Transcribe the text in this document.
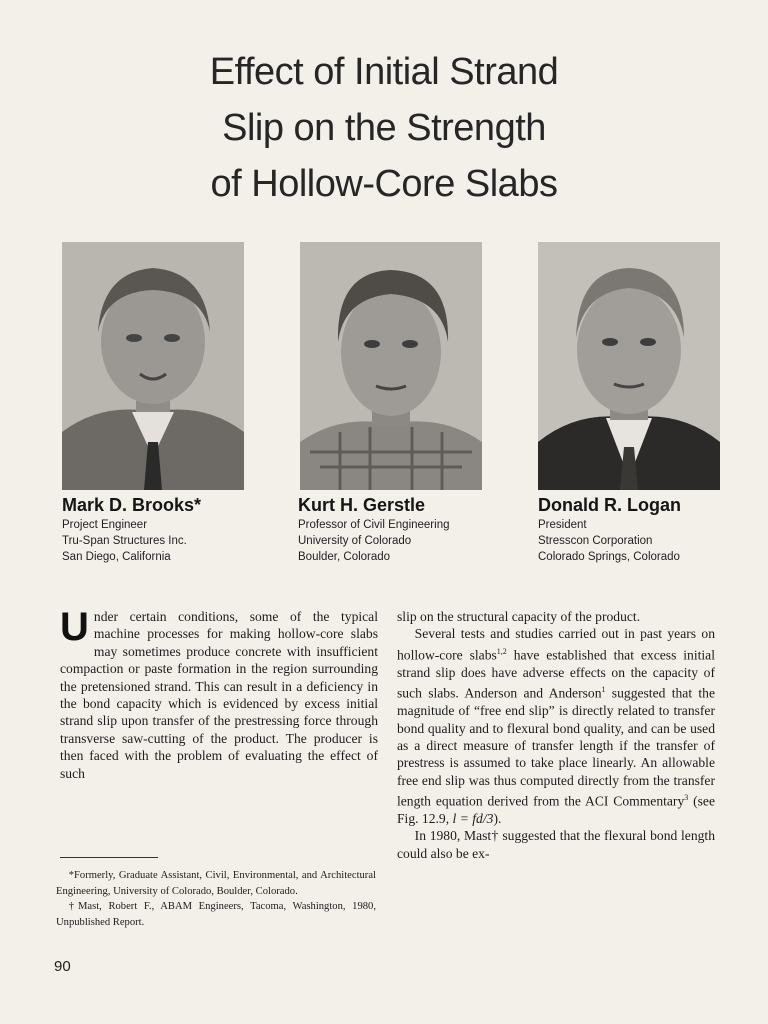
Effect of Initial Strand
Slip on the Strength
of Hollow-Core Slabs
Mark D. Brooks*
Project Engineer
Tru-Span Structures Inc.
San Diego, California
Kurt H. Gerstle
Professor of Civil Engineering
University of Colorado
Boulder, Colorado
Donald R. Logan
President
Stresscon Corporation
Colorado Springs, Colorado

Under certain conditions, some of the typical machine processes for making hollow-core slabs may sometimes produce concrete with insufficient compaction or paste formation in the region surrounding the pretensioned strand. This can result in a deficiency in the bond capacity which is evidenced by excess initial strand slip upon transfer of the prestressing force through transverse saw-cutting of the product. The producer is then faced with the problem of evaluating the effect of such

slip on the structural capacity of the product.

Several tests and studies carried out in past years on hollow-core slabs$^{1,2}$ have established that excess initial strand slip does have adverse effects on the capacity of such slabs. Anderson and Anderson$^1$ suggested that the magnitude of “free end slip” is directly related to transfer bond quality and to flexural bond quality, and can be used as a direct measure of transfer length if the transfer of prestress is assumed to take place linearly. An allowable free end slip was thus computed directly from the transfer length equation derived from the ACI Commentary$^3$ (see Fig. 12.9, l = fd/3).

In 1980, Mast† suggested that the flexural bond length could also be ex-

*Formerly, Graduate Assistant, Civil, Environmental, and Architectural Engineering, University of Colorado, Boulder, Colorado.

†Mast, Robert F., ABAM Engineers, Tacoma, Washington, 1980, Unpublished Report.

90
